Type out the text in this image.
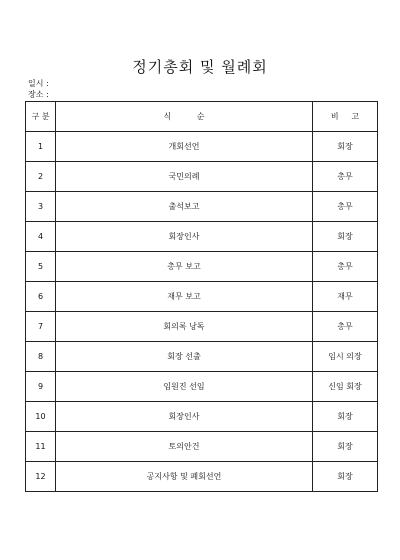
정기총회 및 월례회
일시 :
장소 :
구 분	식          순	비     고
1	개회선언	회장
2	국민의례	총무
3	출석보고	총무
4	회장인사	회장
5	총무 보고	총무
6	재무 보고	재무
7	회의록 낭독	총무
8	회장 선출	임시 의장
9	임원진 선임	신임 회장
10	회장인사	회장
11	토의안건	회장
12	공지사항 및 폐회선언	회장
